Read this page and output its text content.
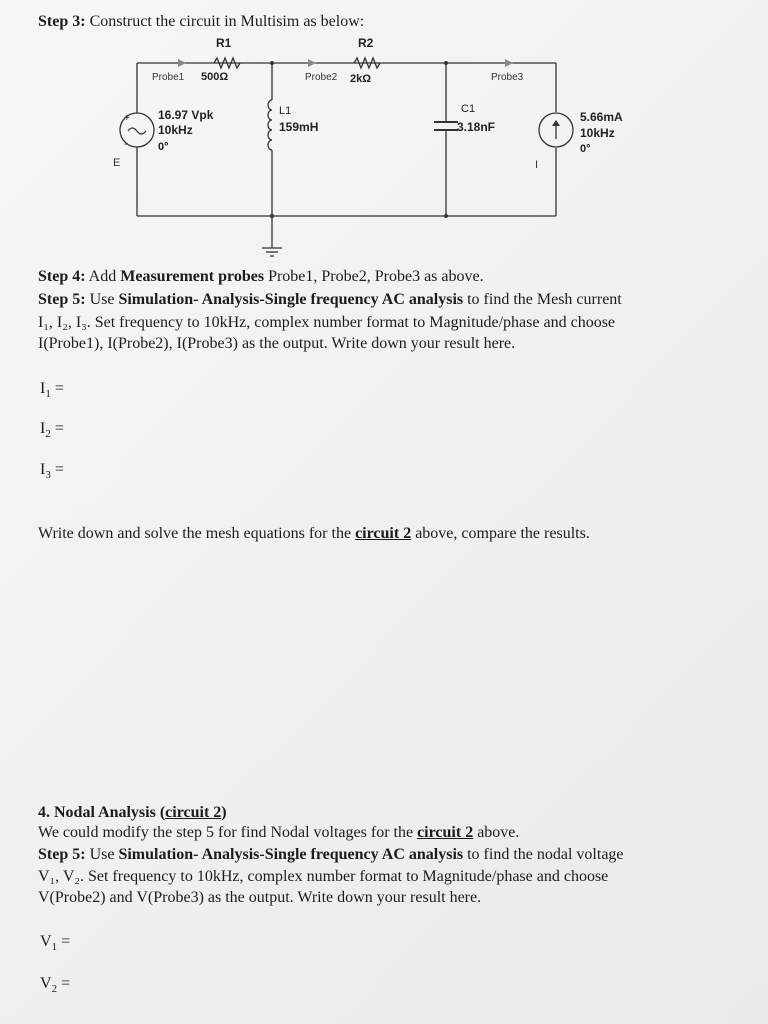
Step 3: Construct the circuit in Multisim as below:
+
-
R1
Probe1 500Ω
R2
Probe2 2kΩ	Probe3
16.97 Vpk
10kHz
0°
E
L1
159mH
C1
3.18nF
5.66mA
10kHz
0°
I
Step 4: Add Measurement probes Probe1, Probe2, Probe3 as above.
Step 5: Use Simulation- Analysis-Single frequency AC analysis to find the Mesh current
I₁, I₂, I₃. Set frequency to 10kHz, complex number format to Magnitude/phase and choose
I(Probe1), I(Probe2), I(Probe3) as the output. Write down your result here.
$I_1$ =
$I_2$ =
$I_3$ =
Write down and solve the mesh equations for the circuit 2 above, compare the results.
4. Nodal Analysis (circuit 2)
We could modify the step 5 for find Nodal voltages for the circuit 2 above.
Step 5: Use Simulation- Analysis-Single frequency AC analysis to find the nodal voltage
V₁, V₂. Set frequency to 10kHz, complex number format to Magnitude/phase and choose
V(Probe2) and V(Probe3) as the output. Write down your result here.
$V_1$ =
$V_2$ =
